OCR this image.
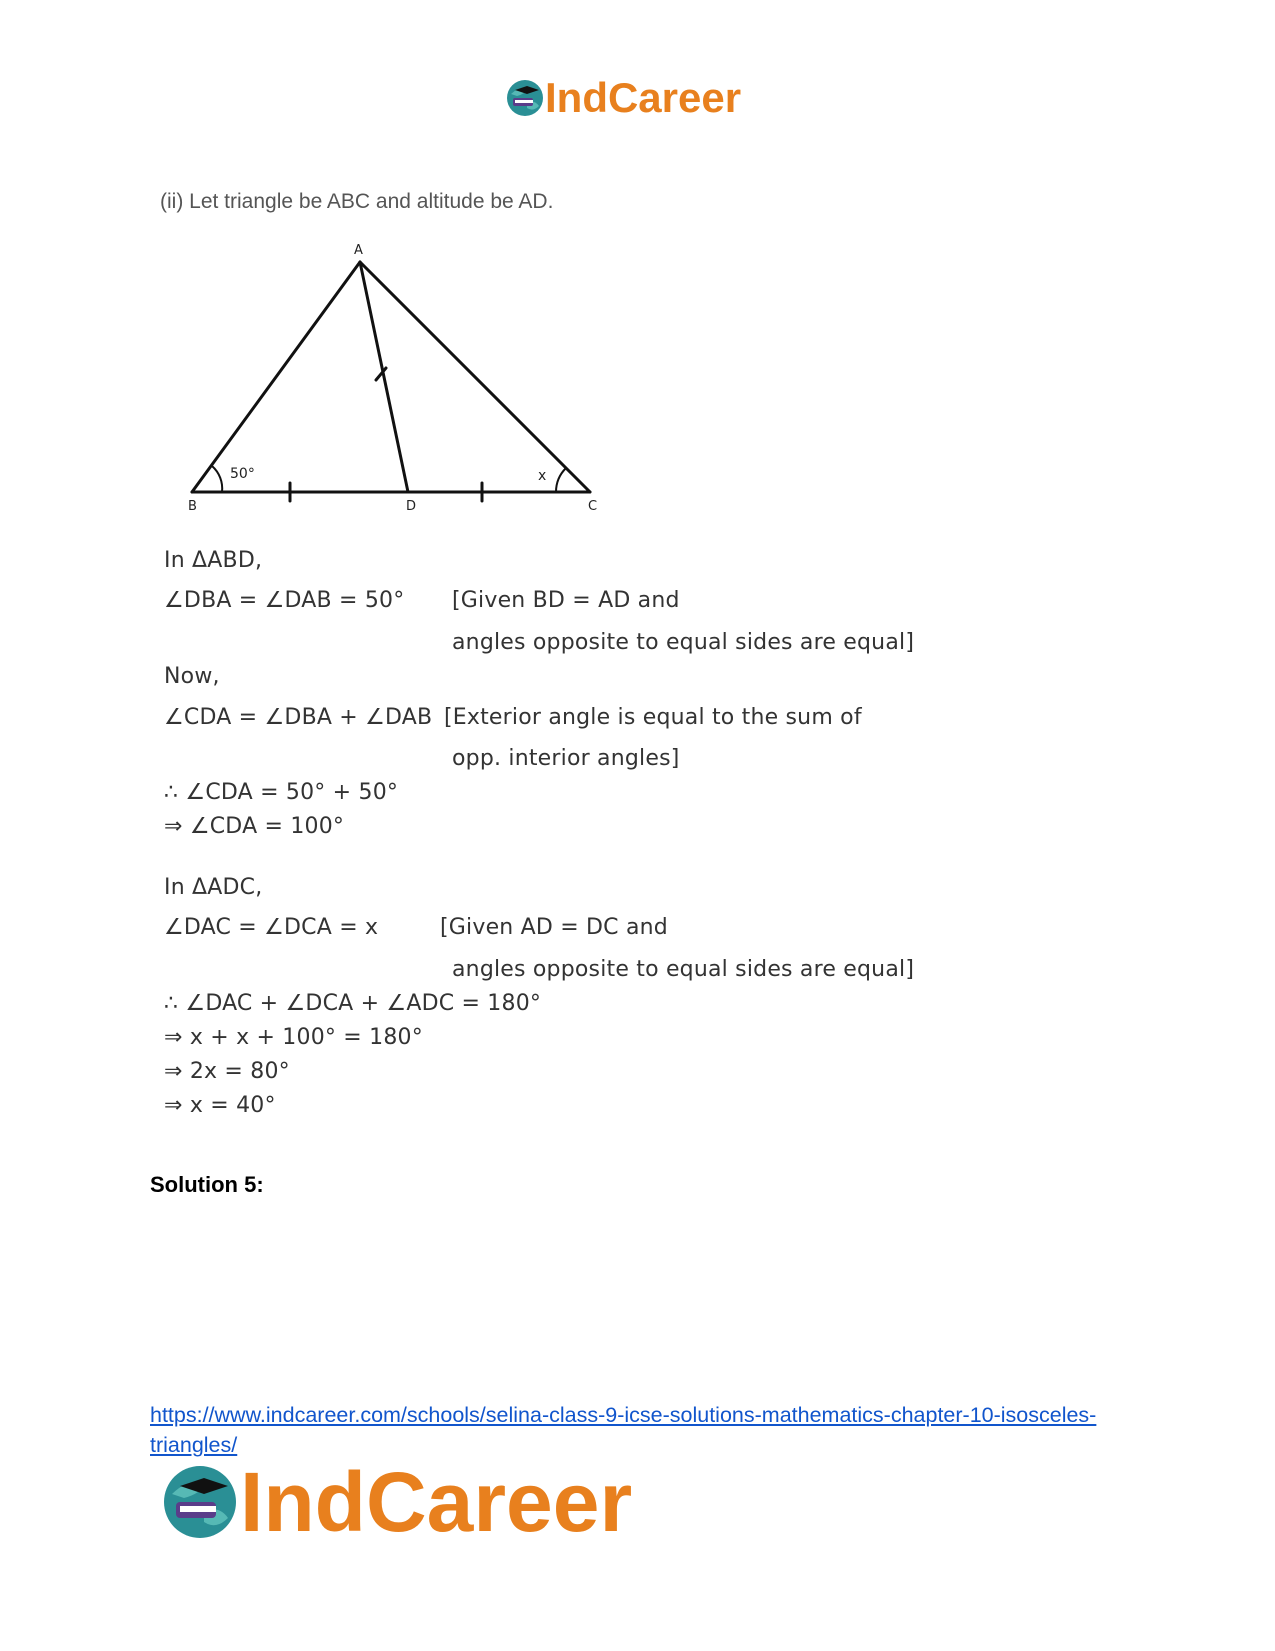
IndCareer
(ii) Let triangle be ABC and altitude be AD.
A
B	D	C
50°	x
In ΔABD,
∠DBA = ∠DAB = 50° [Given BD = AD and
angles opposite to equal sides are equal]
Now,
∠CDA = ∠DBA + ∠DAB [Exterior angle is equal to the sum of
opp. interior angles]
∴ ∠CDA = 50° + 50°
⇒ ∠CDA = 100°
In ΔADC,
∠DAC = ∠DCA = x	[Given AD = DC and
angles opposite to equal sides are equal]
∴ ∠DAC + ∠DCA + ∠ADC = 180°
⇒ x + x + 100° = 180°
⇒ 2x = 80°
⇒ x = 40°
Solution 5:
https://www.indcareer.com/schools/selina-class-9-icse-solutions-mathematics-chapter-10-isosceles-triangles/
IndCareer
